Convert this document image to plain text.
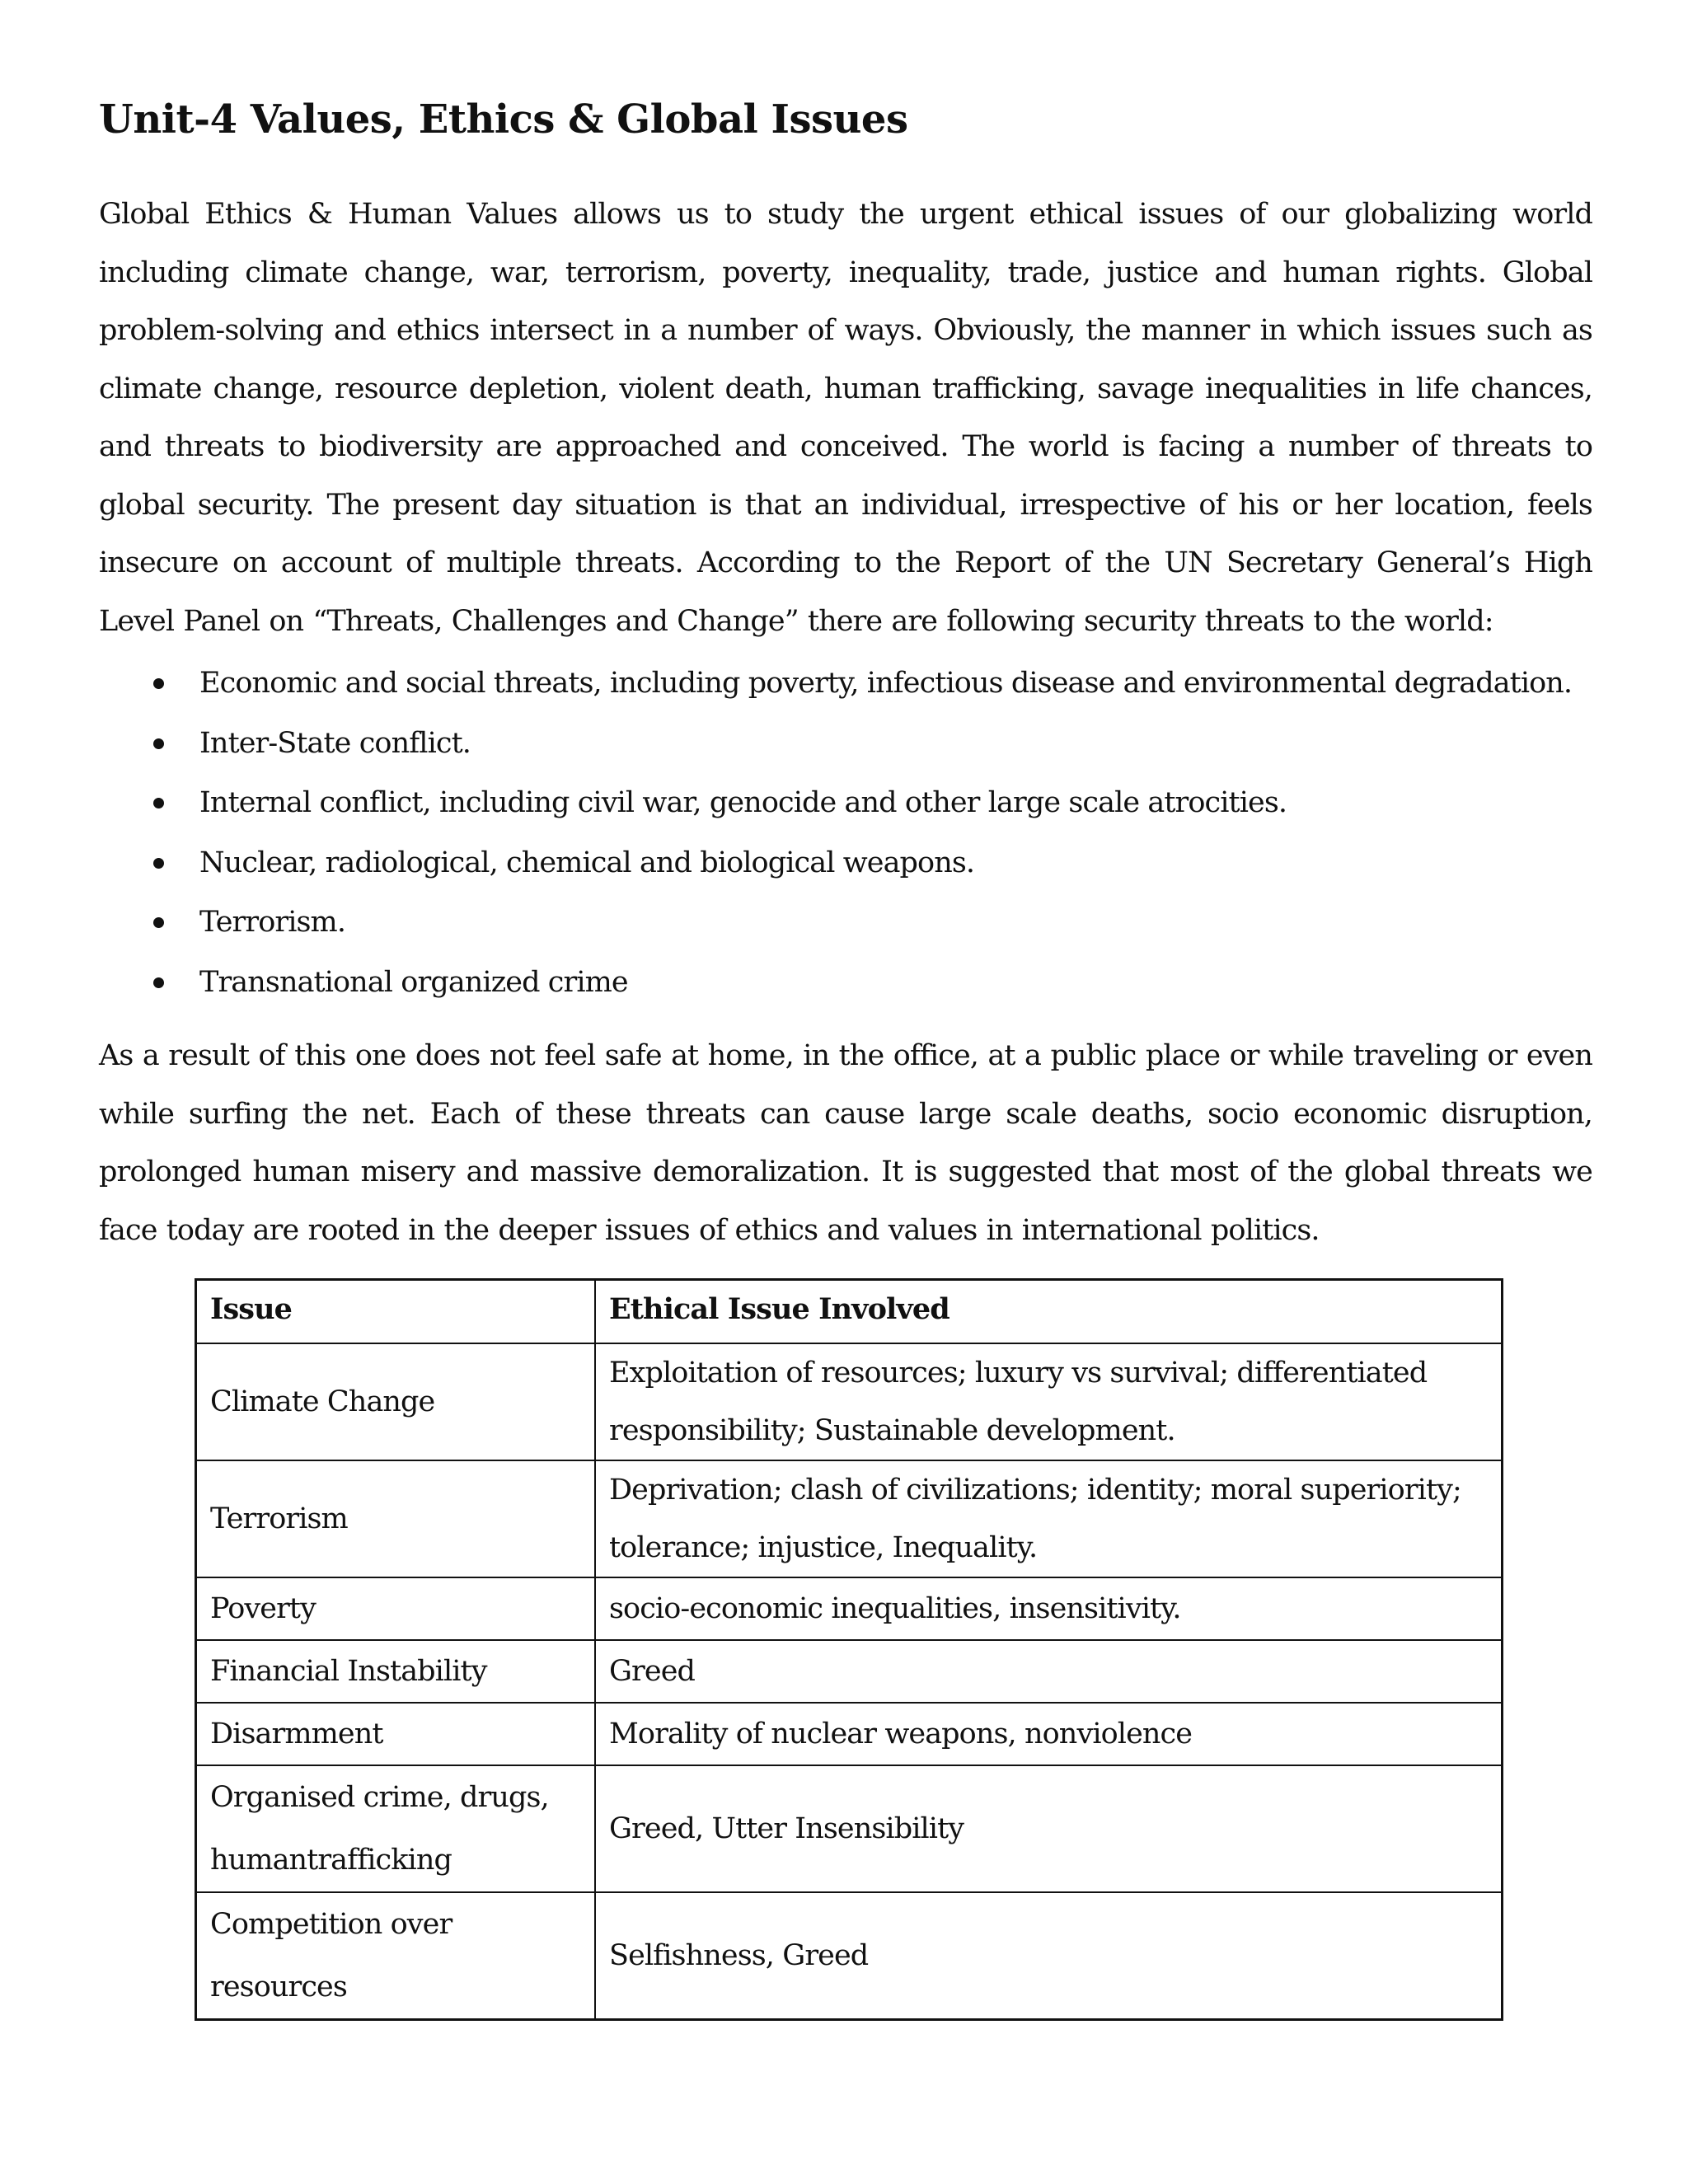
Unit-4 Values, Ethics & Global Issues

Global Ethics & Human Values allows us to study the urgent ethical issues of our globalizing world including climate change, war, terrorism, poverty, inequality, trade, justice and human rights. Global problem-solving and ethics intersect in a number of ways. Obviously, the manner in which issues such as climate change, resource depletion, violent death, human trafficking, savage inequalities in life chances, and threats to biodiversity are approached and conceived. The world is facing a number of threats to global security. The present day situation is that an individual, irrespective of his or her location, feels insecure on account of multiple threats. According to the Report of the UN Secretary General’s High Level Panel on “Threats, Challenges and Change” there are following security threats to the world:

Economic and social threats, including poverty, infectious disease and environmental degradation.
Inter-State conflict.
Internal conflict, including civil war, genocide and other large scale atrocities.
Nuclear, radiological, chemical and biological weapons.
Terrorism.
Transnational organized crime

As a result of this one does not feel safe at home, in the office, at a public place or while traveling or even while surfing the net. Each of these threats can cause large scale deaths, socio economic disruption, prolonged human misery and massive demoralization. It is suggested that most of the global threats we face today are rooted in the deeper issues of ethics and values in international politics.

Issue	Ethical Issue Involved
Climate Change	Exploitation of resources; luxury vs survival; differentiated responsibility; Sustainable development.
Terrorism	Deprivation; clash of civilizations; identity; moral superiority; tolerance; injustice, Inequality.
Poverty	socio-economic inequalities, insensitivity.
Financial Instability	Greed
Disarmment	Morality of nuclear weapons, nonviolence
Organised crime, drugs, humantrafficking	Greed, Utter Insensibility
Competition over resources	Selfishness, Greed
